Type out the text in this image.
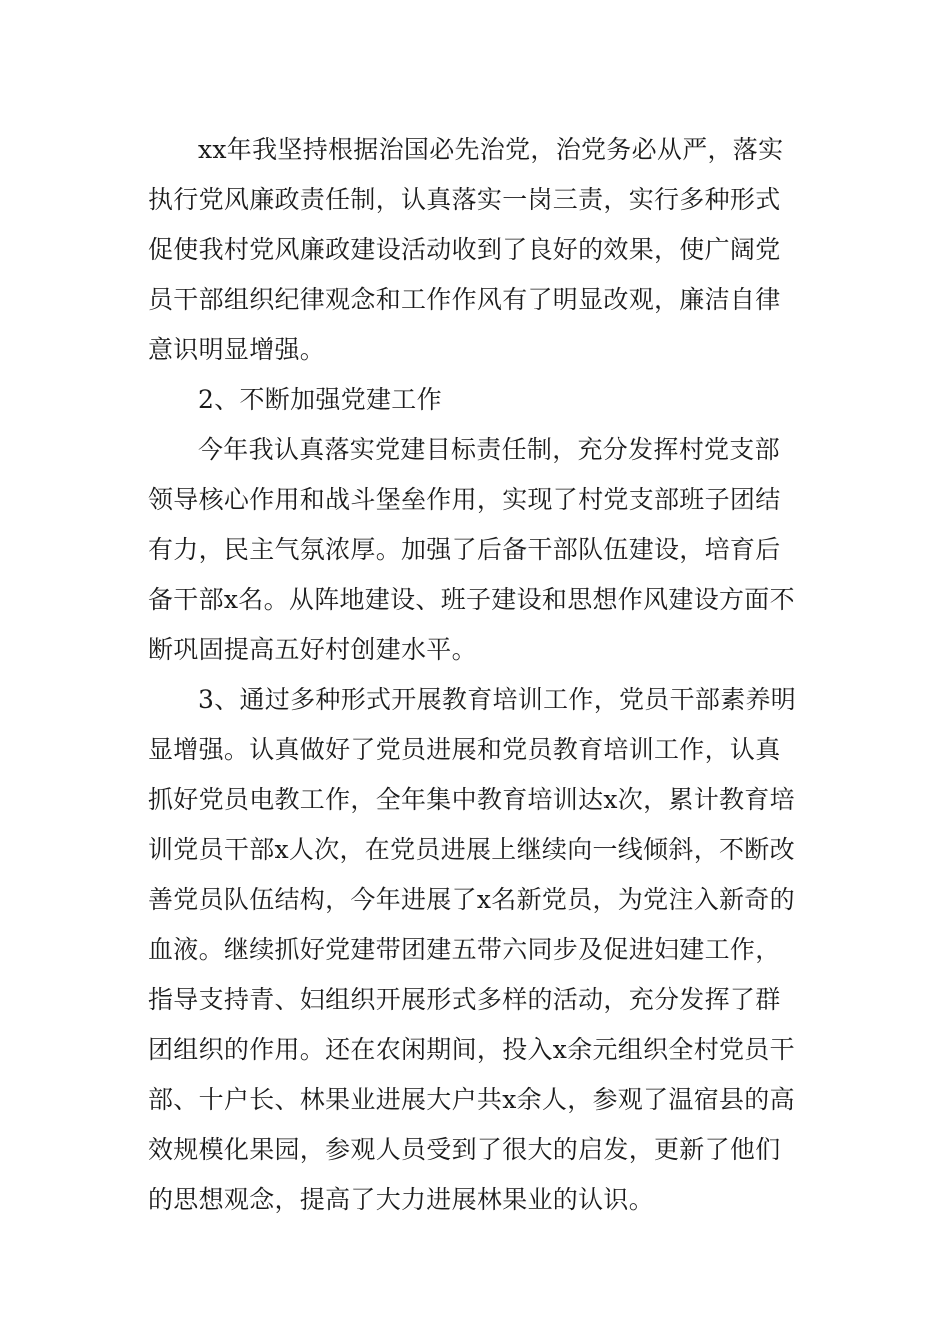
xx年我坚持根据治国必先治党，治党务必从严，落实
执行党风廉政责任制，认真落实一岗三责，实行多种形式
促使我村党风廉政建设活动收到了良好的效果，使广阔党
员干部组织纪律观念和工作作风有了明显改观，廉洁自律
意识明显增强。
2、不断加强党建工作
今年我认真落实党建目标责任制，充分发挥村党支部
领导核心作用和战斗堡垒作用，实现了村党支部班子团结
有力，民主气氛浓厚。加强了后备干部队伍建设，培育后
备干部x名。从阵地建设、班子建设和思想作风建设方面不
断巩固提高五好村创建水平。
3、通过多种形式开展教育培训工作，党员干部素养明
显增强。认真做好了党员进展和党员教育培训工作，认真
抓好党员电教工作，全年集中教育培训达x次，累计教育培
训党员干部x人次，在党员进展上继续向一线倾斜，不断改
善党员队伍结构，今年进展了x名新党员，为党注入新奇的
血液。继续抓好党建带团建五带六同步及促进妇建工作，
指导支持青、妇组织开展形式多样的活动，充分发挥了群
团组织的作用。还在农闲期间，投入x余元组织全村党员干
部、十户长、林果业进展大户共x余人，参观了温宿县的高
效规模化果园，参观人员受到了很大的启发，更新了他们
的思想观念，提高了大力进展林果业的认识。
